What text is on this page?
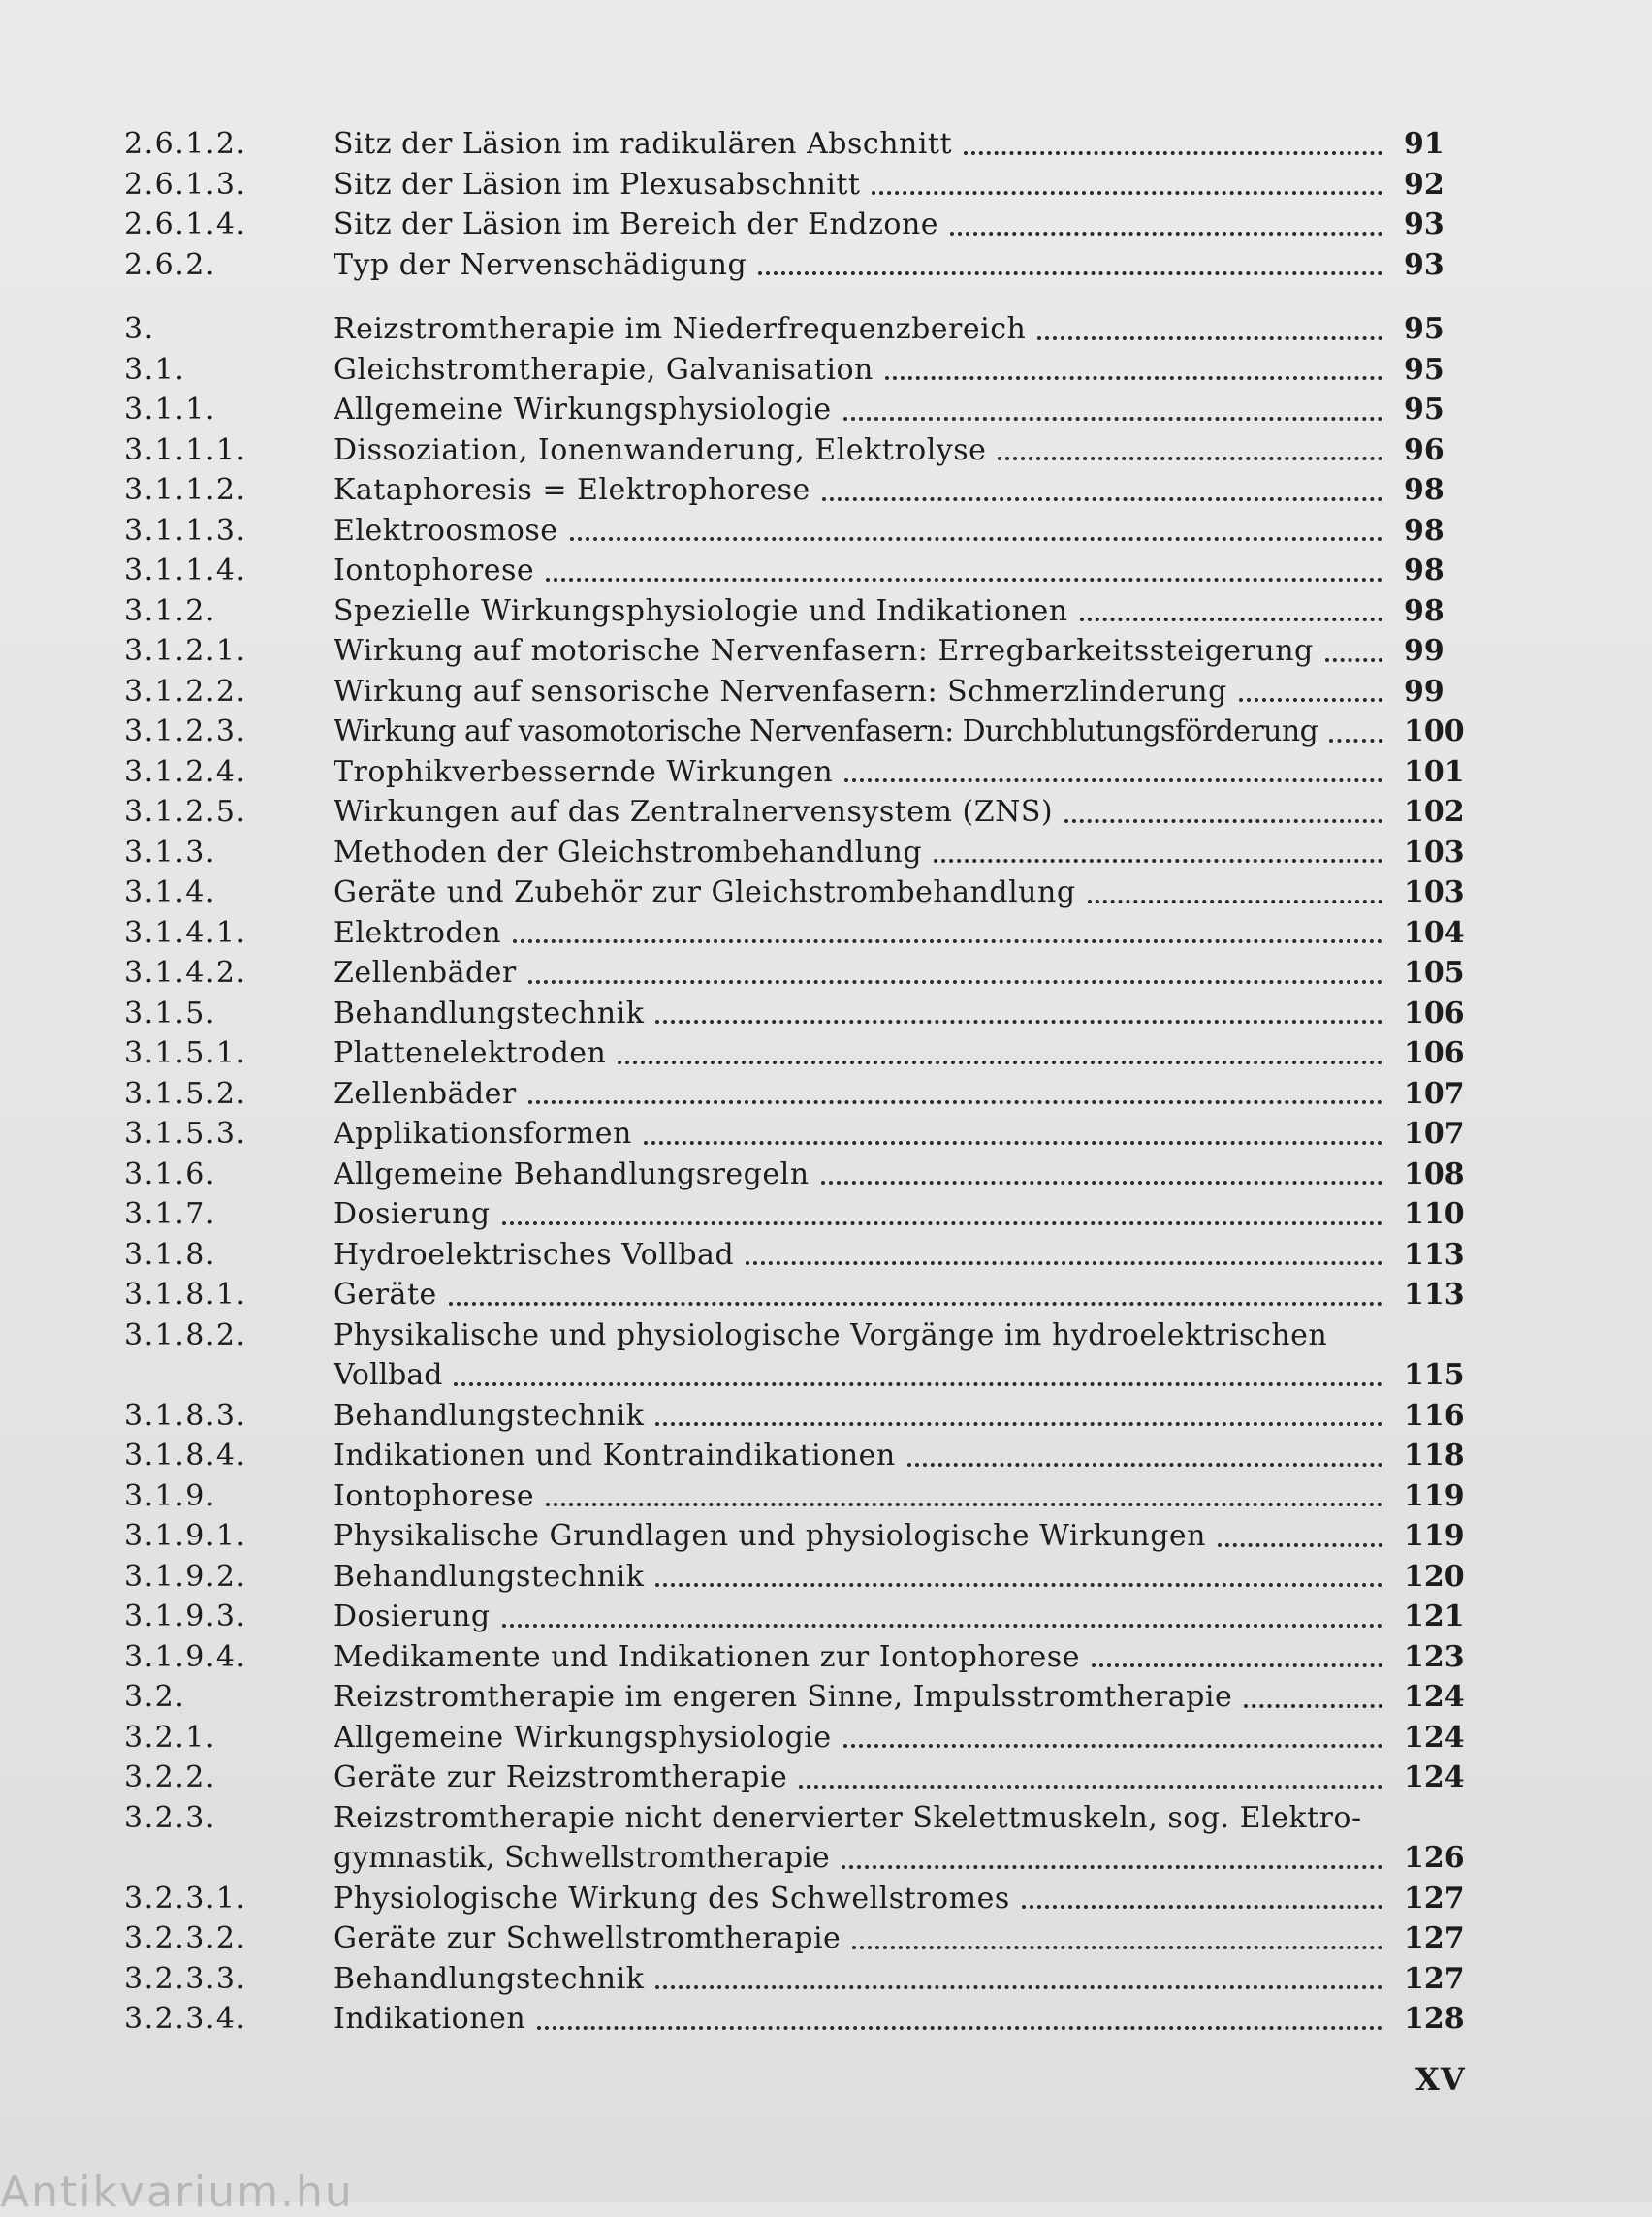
2.6.1.2.	Sitz der Läsion im radikulären Abschnitt	91
2.6.1.3.	Sitz der Läsion im Plexusabschnitt	92
2.6.1.4.	Sitz der Läsion im Bereich der Endzone	93
2.6.2.	Typ der Nervenschädigung	93
3.	Reizstromtherapie im Niederfrequenzbereich	95
3.1.	Gleichstromtherapie, Galvanisation	95
3.1.1.	Allgemeine Wirkungsphysiologie	95
3.1.1.1.	Dissoziation, Ionenwanderung, Elektrolyse	96
3.1.1.2.	Kataphoresis = Elektrophorese	98
3.1.1.3.	Elektroosmose	98
3.1.1.4.	Iontophorese	98
3.1.2.	Spezielle Wirkungsphysiologie und Indikationen	98
3.1.2.1.	Wirkung auf motorische Nervenfasern: Erregbarkeitssteigerung	99
3.1.2.2.	Wirkung auf sensorische Nervenfasern: Schmerzlinderung	99
3.1.2.3.	Wirkung auf vasomotorische Nervenfasern: Durchblutungsförderung	100
3.1.2.4.	Trophikverbessernde Wirkungen	101
3.1.2.5.	Wirkungen auf das Zentralnervensystem (ZNS)	102
3.1.3.	Methoden der Gleichstrombehandlung	103
3.1.4.	Geräte und Zubehör zur Gleichstrombehandlung	103
3.1.4.1.	Elektroden	104
3.1.4.2.	Zellenbäder	105
3.1.5.	Behandlungstechnik	106
3.1.5.1.	Plattenelektroden	106
3.1.5.2.	Zellenbäder	107
3.1.5.3.	Applikationsformen	107
3.1.6.	Allgemeine Behandlungsregeln	108
3.1.7.	Dosierung	110
3.1.8.	Hydroelektrisches Vollbad	113
3.1.8.1.	Geräte	113
3.1.8.2.	Physikalische und physiologische Vorgänge im hydroelektrischen
Vollbad	115
3.1.8.3.	Behandlungstechnik	116
3.1.8.4.	Indikationen und Kontraindikationen	118
3.1.9.	Iontophorese	119
3.1.9.1.	Physikalische Grundlagen und physiologische Wirkungen	119
3.1.9.2.	Behandlungstechnik	120
3.1.9.3.	Dosierung	121
3.1.9.4.	Medikamente und Indikationen zur Iontophorese	123
3.2.	Reizstromtherapie im engeren Sinne, Impulsstromtherapie	124
3.2.1.	Allgemeine Wirkungsphysiologie	124
3.2.2.	Geräte zur Reizstromtherapie	124
3.2.3.	Reizstromtherapie nicht denervierter Skelettmuskeln, sog. Elektro-
gymnastik, Schwellstromtherapie	126
3.2.3.1.	Physiologische Wirkung des Schwellstromes	127
3.2.3.2.	Geräte zur Schwellstromtherapie	127
3.2.3.3.	Behandlungstechnik	127
3.2.3.4.	Indikationen	128
XV
Antikvarium.hu
